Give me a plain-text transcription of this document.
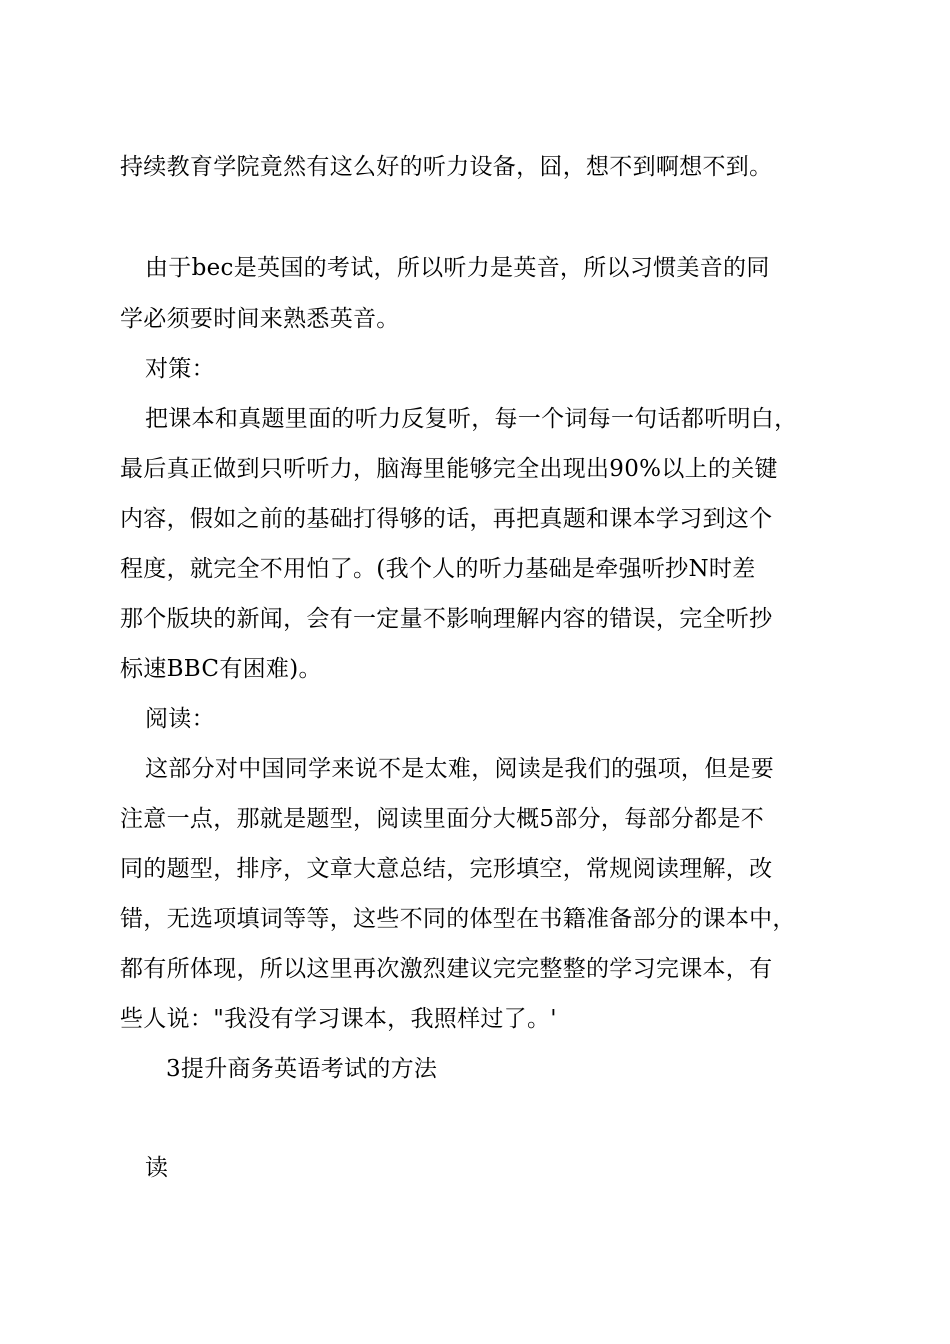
持续教育学院竟然有这么好的听力设备，囧，想不到啊想不到。
由于bec是英国的考试，所以听力是英音，所以习惯美音的同
学必须要时间来熟悉英音。
对策：
把课本和真题里面的听力反复听，每一个词每一句话都听明白，
最后真正做到只听听力，脑海里能够完全出现出90%以上的关键
内容，假如之前的基础打得够的话，再把真题和课本学习到这个
程度，就完全不用怕了。(我个人的听力基础是牵强听抄N时差
那个版块的新闻，会有一定量不影响理解内容的错误，完全听抄
标速BBC有困难)。
阅读：
这部分对中国同学来说不是太难，阅读是我们的强项，但是要
注意一点，那就是题型，阅读里面分大概5部分，每部分都是不
同的题型，排序，文章大意总结，完形填空，常规阅读理解，改
错，无选项填词等等，这些不同的体型在书籍准备部分的课本中，
都有所体现，所以这里再次激烈建议完完整整的学习完课本，有
些人说："我没有学习课本，我照样过了。'
3提升商务英语考试的方法
读
